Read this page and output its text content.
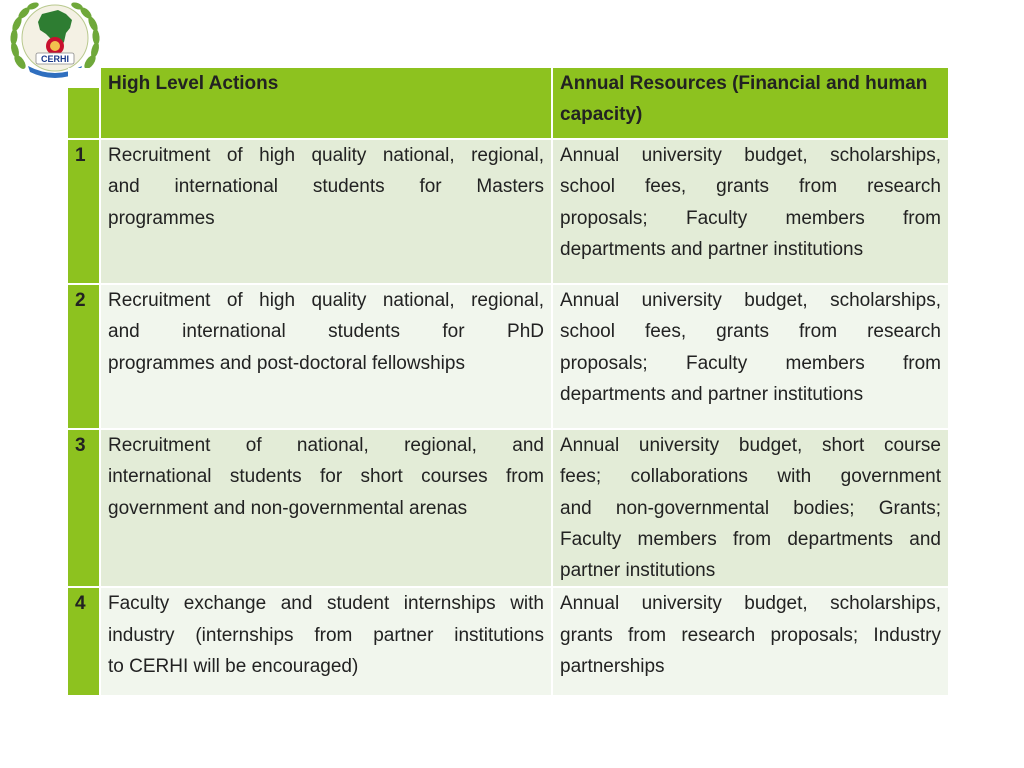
CERHI
	High Level Actions	Annual Resources (Financial and human
capacity)

1	Recruitment of high quality national, regional,
and international students for Masters
programmes	Annual university budget, scholarships,
school fees, grants from research
proposals; Faculty members from
departments and partner institutions

2	Recruitment of high quality national, regional,
and international students for PhD
programmes and post-doctoral fellowships	Annual university budget, scholarships,
school fees, grants from research
proposals; Faculty members from
departments and partner institutions

3	Recruitment of national, regional, and
international students for short courses from
government and non-governmental arenas	Annual university budget, short course
fees; collaborations with government
and non-governmental bodies; Grants;
Faculty members from departments and
partner institutions

4	Faculty exchange and student internships with
industry (internships from partner institutions
to CERHI will be encouraged)	Annual university budget, scholarships,
grants from research proposals; Industry
partnerships
